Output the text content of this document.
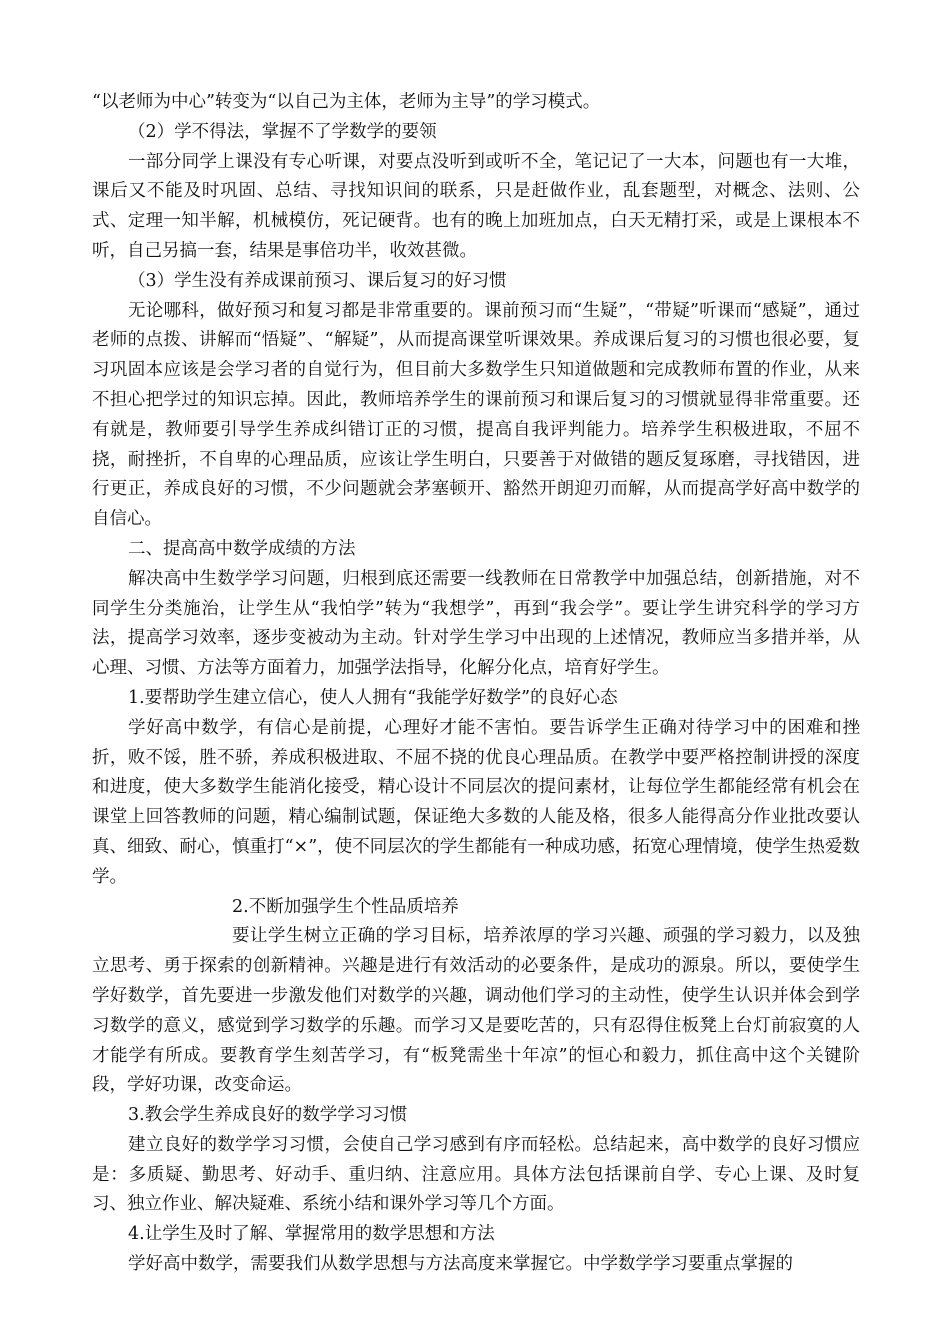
“以老师为中心”转变为“以自己为主体，老师为主导”的学习模式。

（2）学不得法，掌握不了学数学的要领

一部分同学上课没有专心听课，对要点没听到或听不全，笔记记了一大本，问题也有一大堆，课后又不能及时巩固、总结、寻找知识间的联系，只是赶做作业，乱套题型，对概念、法则、公式、定理一知半解，机械模仿，死记硬背。也有的晚上加班加点，白天无精打采，或是上课根本不听，自己另搞一套，结果是事倍功半，收效甚微。

（3）学生没有养成课前预习、课后复习的好习惯

无论哪科，做好预习和复习都是非常重要的。课前预习而“生疑”，“带疑”听课而“感疑”，通过老师的点拨、讲解而“悟疑”、“解疑”，从而提高课堂听课效果。养成课后复习的习惯也很必要，复习巩固本应该是会学习者的自觉行为，但目前大多数学生只知道做题和完成教师布置的作业，从来不担心把学过的知识忘掉。因此，教师培养学生的课前预习和课后复习的习惯就显得非常重要。还有就是，教师要引导学生养成纠错订正的习惯，提高自我评判能力。培养学生积极进取，不屈不挠，耐挫折，不自卑的心理品质，应该让学生明白，只要善于对做错的题反复琢磨，寻找错因，进行更正，养成良好的习惯，不少问题就会茅塞顿开、豁然开朗迎刃而解，从而提高学好高中数学的自信心。

二、提高高中数学成绩的方法

解决高中生数学学习问题，归根到底还需要一线教师在日常教学中加强总结，创新措施，对不同学生分类施治，让学生从“我怕学”转为“我想学”，再到“我会学”。要让学生讲究科学的学习方法，提高学习效率，逐步变被动为主动。针对学生学习中出现的上述情况，教师应当多措并举，从心理、习惯、方法等方面着力，加强学法指导，化解分化点，培育好学生。

1.要帮助学生建立信心，使人人拥有“我能学好数学”的良好心态

学好高中数学，有信心是前提，心理好才能不害怕。要告诉学生正确对待学习中的困难和挫折，败不馁，胜不骄，养成积极进取、不屈不挠的优良心理品质。在教学中要严格控制讲授的深度和进度，使大多数学生能消化接受，精心设计不同层次的提问素材，让每位学生都能经常有机会在课堂上回答教师的问题，精心编制试题，保证绝大多数的人能及格，很多人能得高分作业批改要认真、细致、耐心，慎重打“×”，使不同层次的学生都能有一种成功感，拓宽心理情境，使学生热爱数学。

2.不断加强学生个性品质培养

要让学生树立正确的学习目标，培养浓厚的学习兴趣、顽强的学习毅力，以及独立思考、勇于探索的创新精神。兴趣是进行有效活动的必要条件，是成功的源泉。所以，要使学生学好数学，首先要进一步激发他们对数学的兴趣，调动他们学习的主动性，使学生认识并体会到学习数学的意义，感觉到学习数学的乐趣。而学习又是要吃苦的，只有忍得住板凳上台灯前寂寞的人才能学有所成。要教育学生刻苦学习，有“板凳需坐十年凉”的恒心和毅力，抓住高中这个关键阶段，学好功课，改变命运。

3.教会学生养成良好的数学学习习惯

建立良好的数学学习习惯，会使自己学习感到有序而轻松。总结起来，高中数学的良好习惯应是：多质疑、勤思考、好动手、重归纳、注意应用。具体方法包括课前自学、专心上课、及时复习、独立作业、解决疑难、系统小结和课外学习等几个方面。

4.让学生及时了解、掌握常用的数学思想和方法

学好高中数学，需要我们从数学思想与方法高度来掌握它。中学数学学习要重点掌握的
